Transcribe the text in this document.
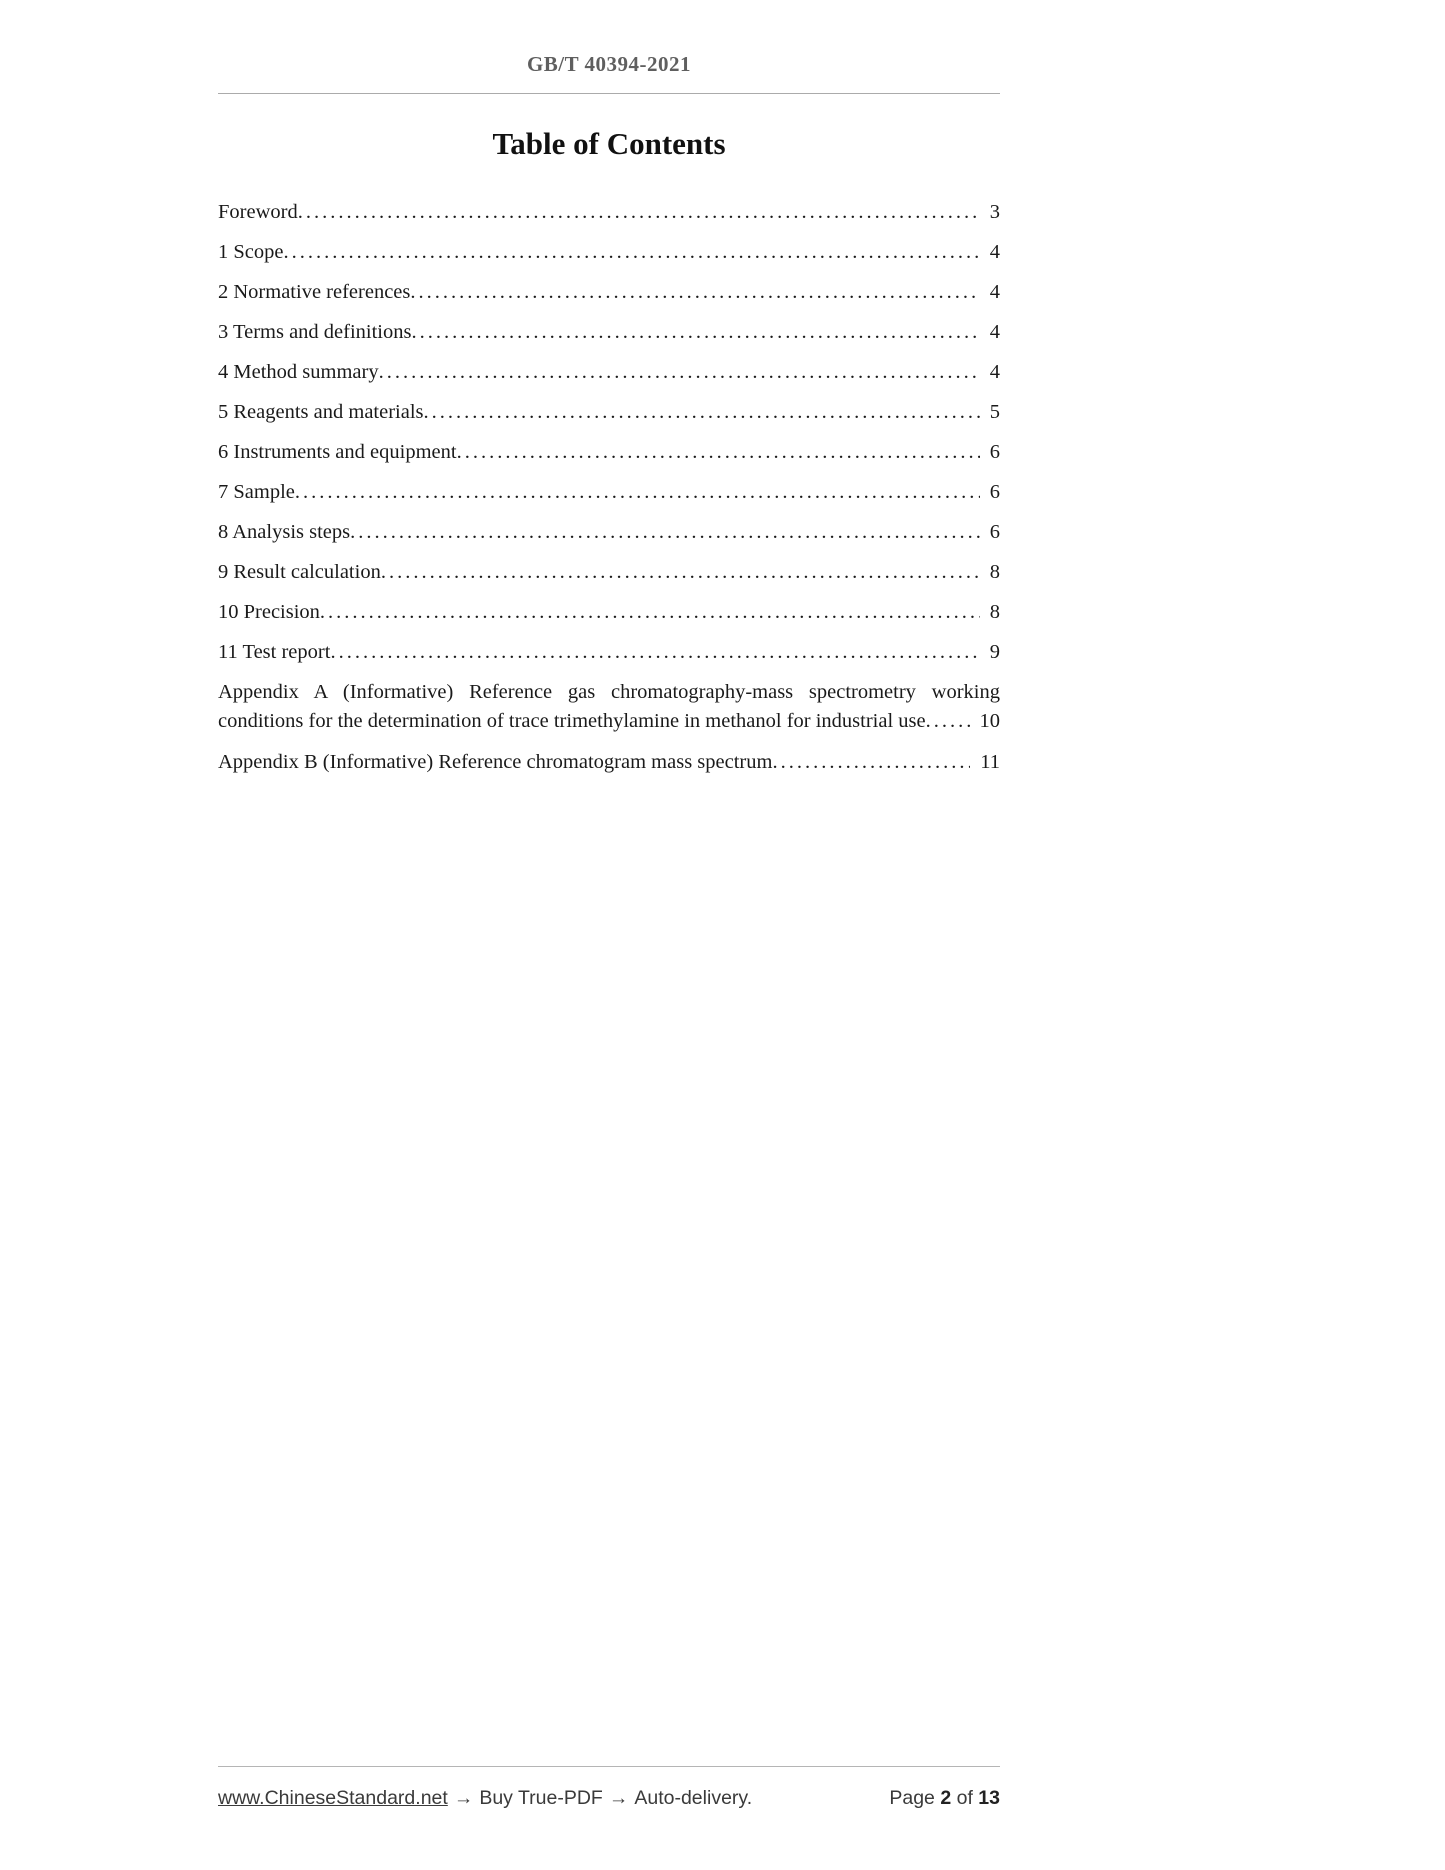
GB/T 40394-2021
Table of Contents
Foreword	3
1 Scope	4
2 Normative references	4
3 Terms and definitions	4
4 Method summary	4
5 Reagents and materials	5
6 Instruments and equipment	6
7 Sample	6
8 Analysis steps	6
9 Result calculation	8
10 Precision	8
11 Test report	9
Appendix A (Informative) Reference gas chromatography-mass spectrometry working conditions for the determination of trace trimethylamine in methanol for industrial use	10
Appendix B (Informative) Reference chromatogram mass spectrum	11
www.ChineseStandard.net → Buy True-PDF → Auto-delivery.	Page 2 of 13
